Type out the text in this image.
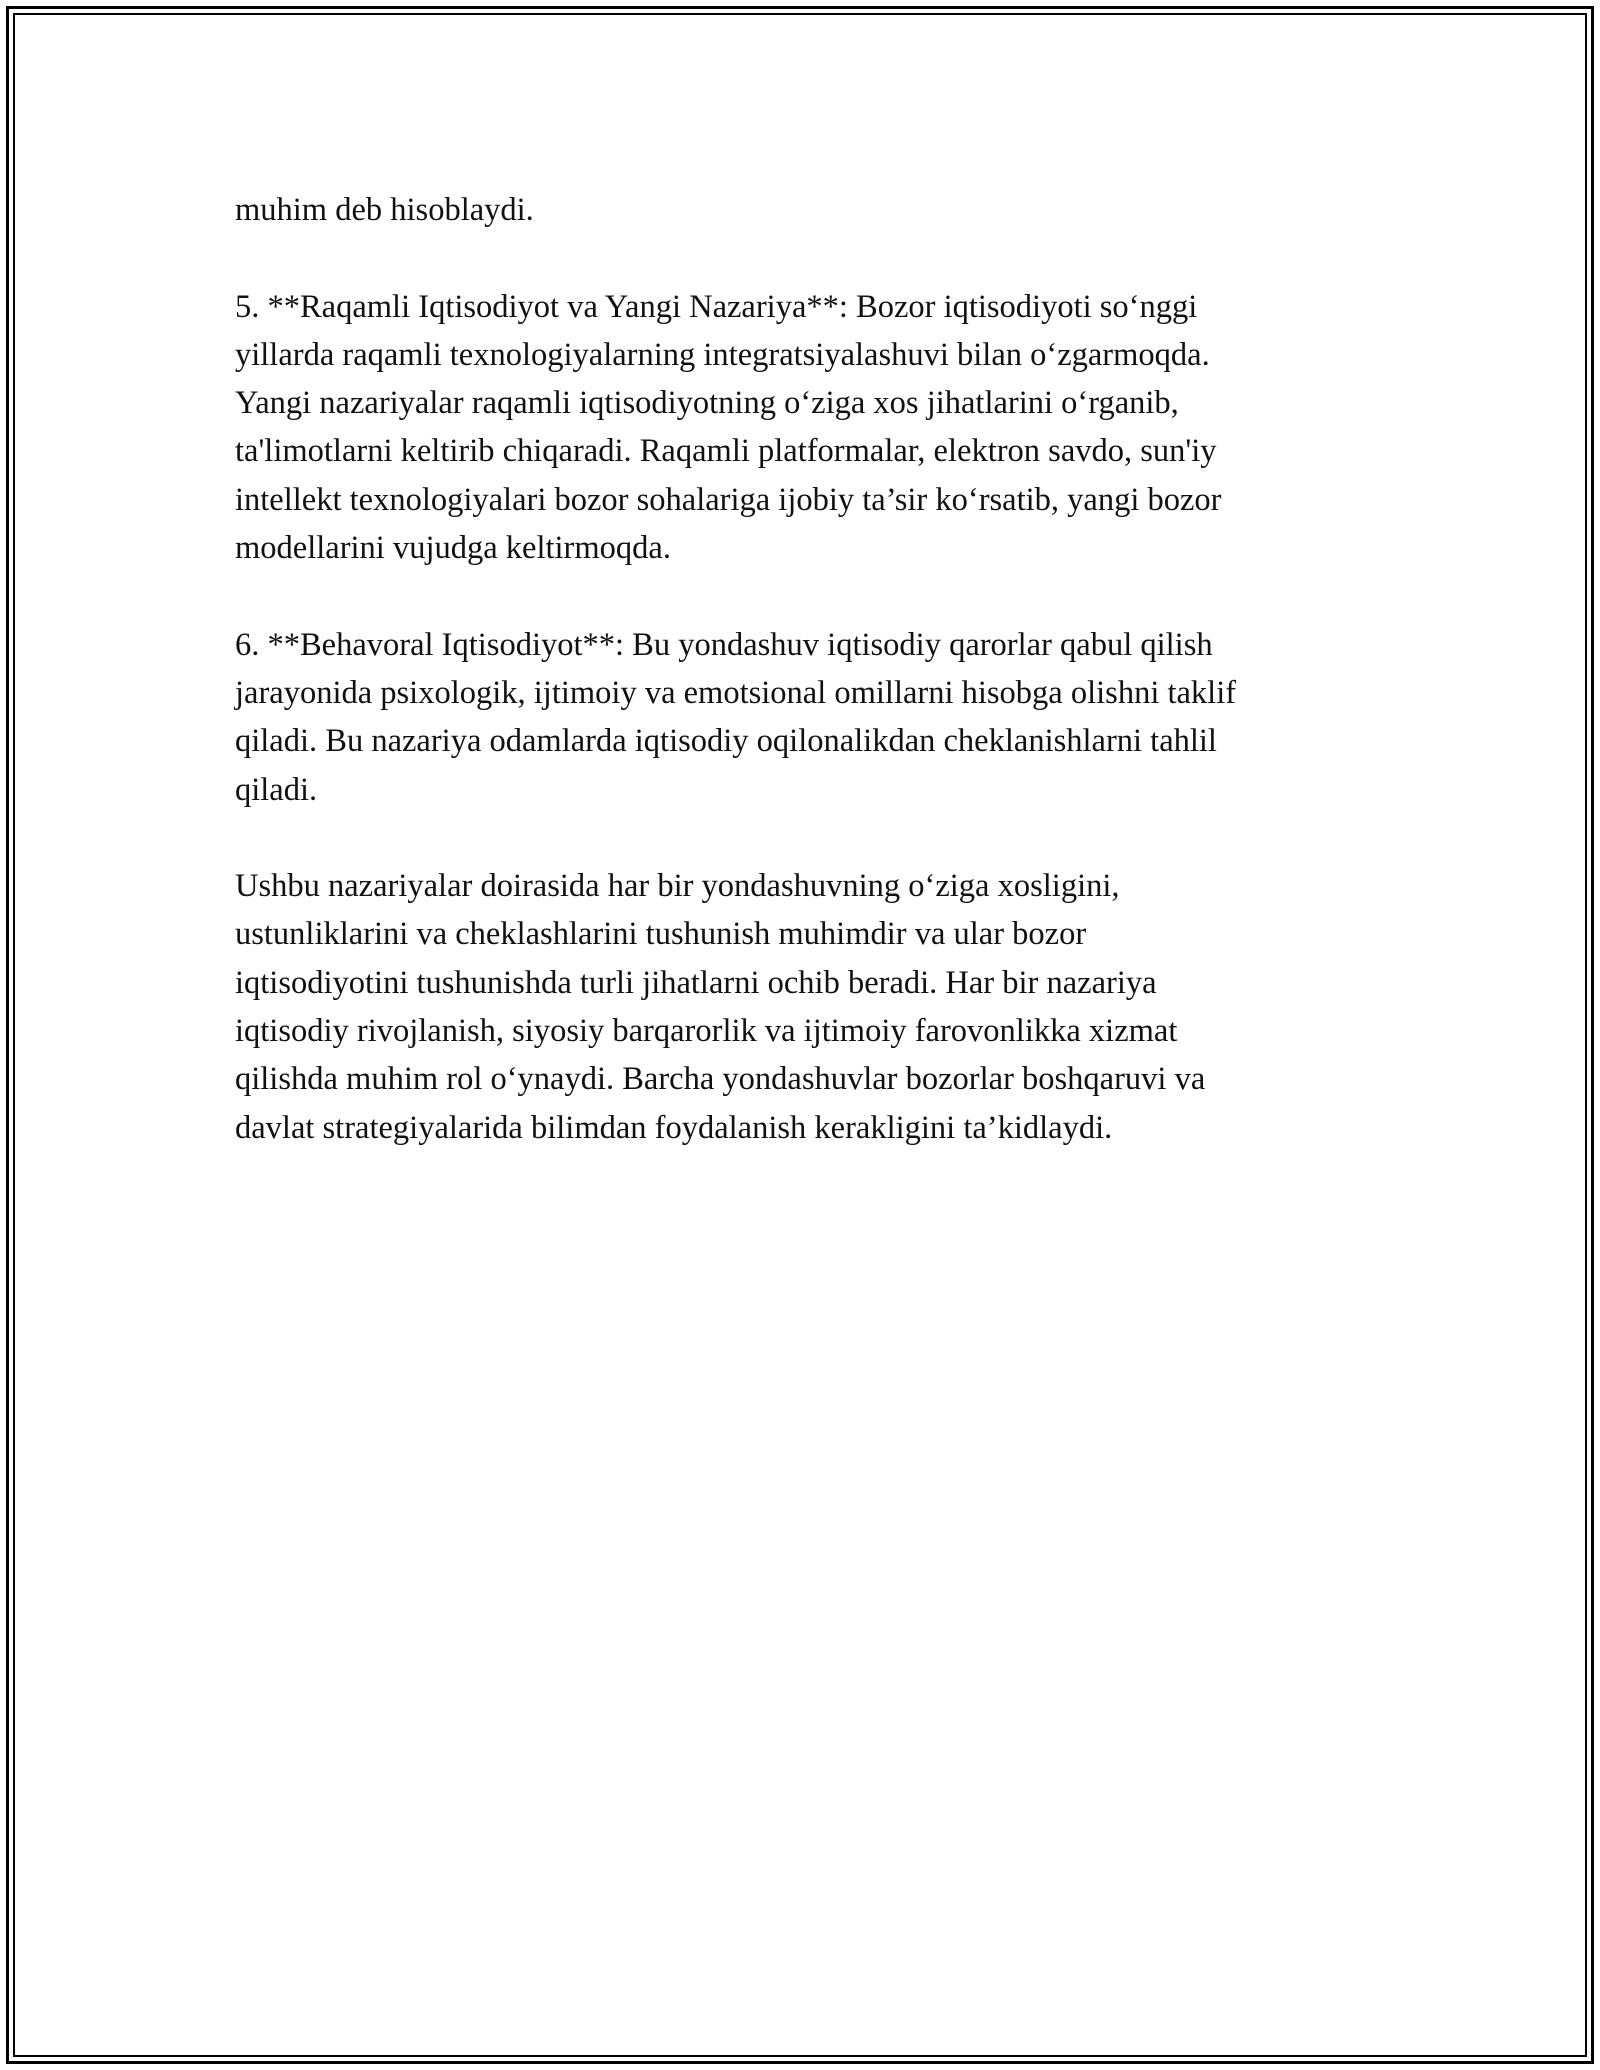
muhim deb hisoblaydi.

5. **Raqamli Iqtisodiyot va Yangi Nazariya**: Bozor iqtisodiyoti so‘nggi
yillarda raqamli texnologiyalarning integratsiyalashuvi bilan o‘zgarmoqda.
Yangi nazariyalar raqamli iqtisodiyotning o‘ziga xos jihatlarini o‘rganib,
ta'limotlarni keltirib chiqaradi. Raqamli platformalar, elektron savdo, sun'iy
intellekt texnologiyalari bozor sohalariga ijobiy ta’sir ko‘rsatib, yangi bozor
modellarini vujudga keltirmoqda.

6. **Behavoral Iqtisodiyot**: Bu yondashuv iqtisodiy qarorlar qabul qilish
jarayonida psixologik, ijtimoiy va emotsional omillarni hisobga olishni taklif
qiladi. Bu nazariya odamlarda iqtisodiy oqilonalikdan cheklanishlarni tahlil
qiladi.

Ushbu nazariyalar doirasida har bir yondashuvning o‘ziga xosligini,
ustunliklarini va cheklashlarini tushunish muhimdir va ular bozor
iqtisodiyotini tushunishda turli jihatlarni ochib beradi. Har bir nazariya
iqtisodiy rivojlanish, siyosiy barqarorlik va ijtimoiy farovonlikka xizmat
qilishda muhim rol o‘ynaydi. Barcha yondashuvlar bozorlar boshqaruvi va
davlat strategiyalarida bilimdan foydalanish kerakligini ta’kidlaydi.
